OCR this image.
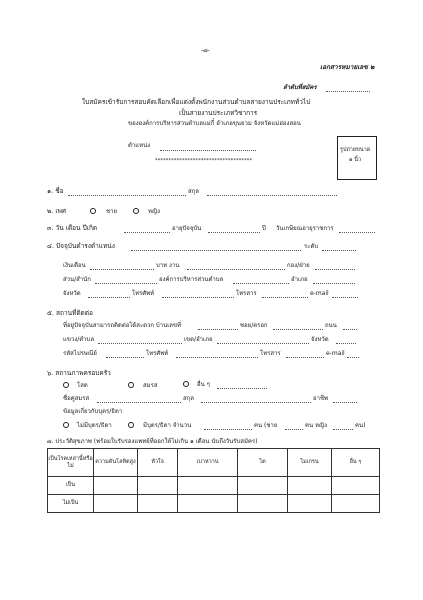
-๗-
เอกสารหมายเลข ๒
ลำดับที่สมัคร
ใบสมัครเข้ารับการสอบคัดเลือกเพื่อแต่งตั้งพนักงานส่วนตำบลสายงานประเภททั่วไป
เป็นสายงานประเภทวิชาการ
ขององค์การบริหารส่วนตำบลแม่กี๋ อำเภอขุนยวม จังหวัดแม่ฮ่องสอน
ตำแหน่ง
************************************
รูปถ่ายขนาด
๑ นิ้ว
๑. ชื่อ	สกุล
๒. เพศ	ชาย	หญิง
๓. วัน เดือน ปีเกิด	อายุปัจจุบัน	ปี วันเกษียณอายุราชการ
๔. ปัจจุบันดำรงตำแหน่ง	ระดับ
เงินเดือน	บาท งาน	กอง/ฝ่าย
ส่วน/สำนัก	องค์การบริหารส่วนตำบล	อำเภอ
จังหวัด	โทรศัพท์	โทรสาร	e-mail
๕. สถานที่ติดต่อ
ที่อยู่ปัจจุบันสามารถติดต่อได้สะดวก บ้านเลขที่	ซอย/ตรอก	ถนน
แขวง/ตำบล	เขต/อำเภอ	จังหวัด
รหัสไปรษณีย์	โทรศัพท์	โทรสาร	e-mail
๖. สถานภาพครอบครัว
โสด	สมรส	อื่น ๆ
ชื่อคู่สมรส	สกุล	อาชีพ
ข้อมูลเกี่ยวกับบุตร/ธิดา
ไม่มีบุตร/ธิดา	มีบุตร/ธิดา จำนวน	คน (ชาย	คน หญิง	คน)
๗. ประวัติสุขภาพ (พร้อมใบรับรองแพทย์ที่ออกให้ไม่เกิน ๑ เดือน นับถึงวันรับสมัคร)
เป็นโรคเหล่านี้หรือไม่	ความดันโลหิตสูง	หัวใจ	เบาหวาน	ไต	ไมเกรน	อื่น ๆ
เป็น						
ไม่เป็น						
